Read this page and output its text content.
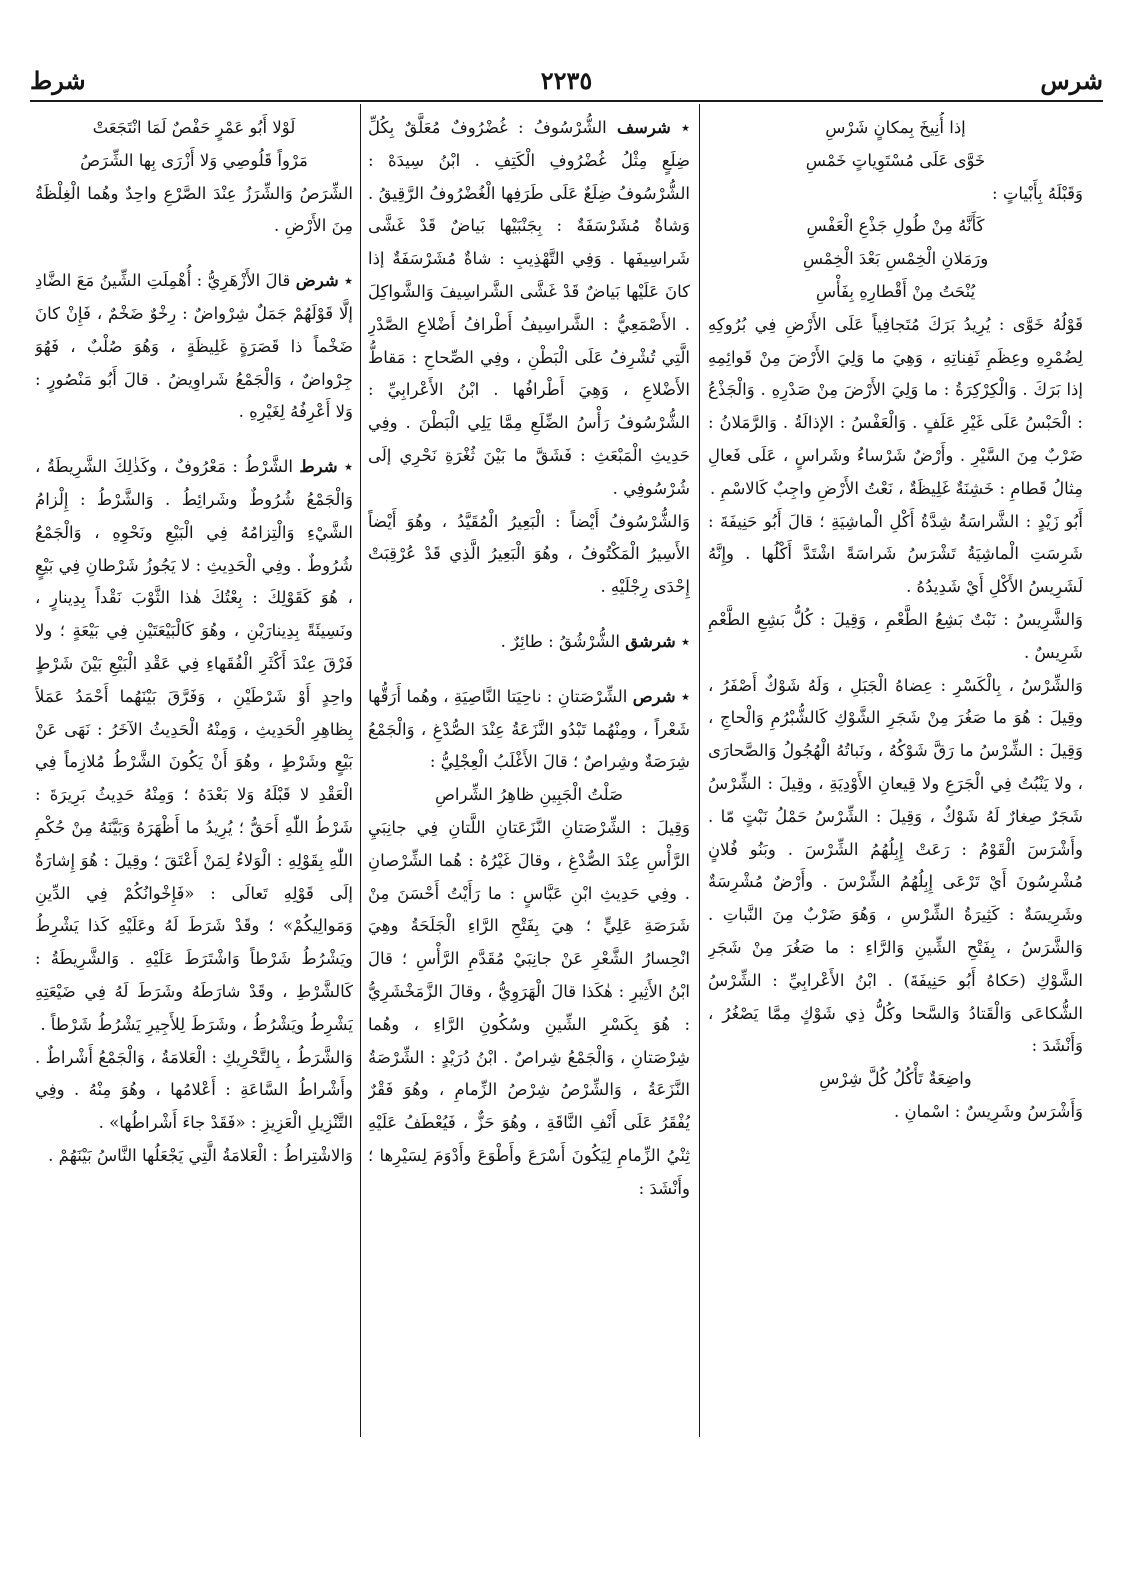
شرس
٢٢٣٥
شرط

إذا أُنِيخَ بِمكانٍ شَرْسِ

خَوَّى عَلَى مُسْتَوِياتٍ خَمْسِ

وَقَبْلَهُ بِأَبْياتٍ :

كَأَنَّهُ مِنْ طُولِ جَذْعِ الْعَفْسِ

ورَمَلانِ الْخِمْسِ بَعْدَ الْخِمْسِ

يُنْحَتُ مِنْ أَقْطارِهِ بِفَأْسِ

قَوْلُهُ خَوَّى : يُرِيدُ بَرَكَ مُتَجافِياً عَلَى الأَرْضِ فِي بُرُوكِهِ لِضُمْرِهِ وعِظَمِ ثَفِناتِهِ ، وَهِيَ ما وَلِيَ الأَرْضَ مِنْ قَوائِمِهِ إذا بَرَكَ . وَالْكِرْكِرَةُ : ما وَلِيَ الأَرْضَ مِنْ صَدْرِهِ . وَالْجَذْعُ : الْحَبْسُ عَلَى غَيْرِ عَلَفٍ . وَالْعَفْسُ : الإذالَةُ . وَالرَّمَلانُ : ضَرْبٌ مِنَ السَّيْرِ . وأَرْضٌ شَرْساءُ وشَراسٍ ، عَلَى فَعالِ مِثالُ قَطامِ : خَشِنَةٌ غَلِيظَةٌ ، نَعْتُ الأَرْضِ واجِبٌ كَالاسْمِ .

أَبُو زَيْدٍ : الشَّراسَةُ شِدَّةُ أَكْلِ الْماشِيَةِ ؛ قالَ أَبُو حَنِيفَةَ : شَرِسَتِ الْماشِيَةُ تَشْرَسُ شَراسَةً اشْتَدَّ أَكْلُها . وإِنَّهُ لَشَرِيسُ الأَكْلِ أَيْ شَدِيدُهُ .

وَالشَّرِيسُ : نَبْتٌ بَشِعُ الطَّعْمِ ، وَقِيلَ : كُلُّ بَشِعِ الطَّعْمِ شَرِيسٌ .

وَالشِّرْسُ ، بِالْكَسْرِ : عِضاهُ الْجَبَلِ ، وَلَهُ شَوْكٌ أَصْفَرُ ، وقِيلَ : هُوَ ما صَغُرَ مِنْ شَجَرِ الشَّوْكِ كَالشُّبْرُمِ وَالْحاجِ ، وَقِيلَ : الشِّرْسُ ما رَقَّ شَوْكُهُ ، ونَباتُهُ الْهُجُولُ وَالصَّحارَى ، ولا يَنْبُتُ فِي الْجَرَعِ ولا قِيعانِ الأَوْدِيَةِ ، وقِيلَ : الشِّرْسُ شَجَرٌ صِغارٌ لَهُ شَوْكٌ ، وَقِيلَ : الشِّرْسُ حَمْلُ نَبْتٍ مّا . وأَشْرَسَ الْقَوْمُ : رَعَتْ إِبِلُهُمُ الشِّرْسَ . وبَنُو فُلانٍ مُشْرِسُونَ أَيْ تَرْعَى إِبِلُهُمُ الشِّرْسَ . وأَرْضٌ مُشْرِسَةٌ وشَرِيسَةٌ : كَثِيرَةُ الشِّرْسِ ، وَهُوَ ضَرْبٌ مِنَ النَّباتِ . وَالشَّرَسُ ، بِفَتْحِ الشِّينِ وَالرَّاءِ : ما صَغُرَ مِنْ شَجَرِ الشَّوْكِ (حَكاهُ أَبُو حَنِيفَةَ) . ابْنُ الأَعْرابِيِّ : الشِّرْسُ الشُّكاعَى وَالْقَتادُ وَالسَّحا وكُلُّ ذِي شَوْكٍ مِمَّا يَصْغُرُ ، وَأَنْشَدَ :

واضِعَةٌ تَأْكُلُ كُلَّ شِرْسِ

وَأَشْرَسُ وشَرِيسٌ : اسْمانِ .

٭ شرسف الشُّرْسُوفُ : غُضْرُوفٌ مُعَلَّقٌ بِكُلِّ ضِلَعٍ مِثْلُ غُضْرُوفِ الْكَتِفِ . ابْنُ سِيدَهْ : الشُّرْسُوفُ ضِلَعٌ عَلَى طَرَفِها الْغُضْرُوفُ الرَّقِيقُ . وَشاةٌ مُشَرْسَفَةٌ : بِجَنْبَيْها بَياضٌ قَدْ غَشَّى شَراسِيفَها . وَفِي التَّهْذِيبِ : شاةٌ مُشَرْسَفَةٌ إذا كانَ عَلَيْها بَياضٌ قَدْ غَشَّى الشَّراسِيفَ وَالشَّواكِلَ . الأَصْمَعِيُّ : الشَّراسِيفُ أَطْرافُ أَضْلاعِ الصَّدْرِ الَّتِي تُشْرِفُ عَلَى الْبَطْنِ ، وفِي الصِّحاحِ : مَقاطُّ الأَضْلاعِ ، وَهِيَ أَطْرافُها . ابْنُ الأَعْرابِيِّ : الشُّرْسُوفُ رَأْسُ الضِّلَعِ مِمَّا يَلِي الْبَطْنَ . وفِي حَدِيثِ الْمَبْعَثِ : فَشَقَّ ما بَيْنَ ثُغْرَةِ نَحْرِي إلَى شُرْسُوفِي .

وَالشُّرْسُوفُ أَيْضاً : الْبَعِيرُ الْمُقَيَّدُ ، وهُوَ أَيْضاً الأَسِيرُ الْمَكْتُوفُ ، وهُوَ الْبَعِيرُ الَّذِي قَدْ عُرْقِبَتْ إِحْدَى رِجْلَيْهِ .

٭ شرشق الشُّرْشُقُ : طائِرٌ .

٭ شرص الشِّرْصَتانِ : ناحِيَتا النَّاصِيَةِ ، وهُما أَرَقُّها شَعْراً ، ومِنْهُما تَبْدُو النَّزَعَةُ عِنْدَ الصُّدْغِ ، وَالْجَمْعُ شِرَصَةٌ وشِراصٌ ؛ قالَ الأَغْلَبُ الْعِجْلِيُّ :

صَلْتُ الْجَبِينِ ظاهِرُ الشِّراصِ

وَقِيلَ : الشِّرْصَتانِ النَّزَعَتانِ اللَّتانِ فِي جانِبَيِ الرَّأْسِ عِنْدَ الصُّدْغِ ، وقالَ غَيْرُهُ : هُما الشِّرْصانِ . وفِي حَدِيثِ ابْنِ عَبَّاسٍ : ما رَأَيْتُ أَحْسَنَ مِنْ شَرَصَةِ عَلِيٍّ ؛ هِيَ بِفَتْحِ الرَّاءِ الْجَلَحَةُ وهِيَ انْحِسارُ الشَّعْرِ عَنْ جانِبَيْ مُقَدَّمِ الرَّأْسِ ؛ قالَ ابْنُ الأَثِيرِ : هٰكَذا قالَ الْهَرَوِيُّ ، وقالَ الزَّمَخْشَرِيُّ : هُوَ بِكَسْرِ الشِّينِ وسُكُونِ الرَّاءِ ، وهُما شِرْصَتانِ ، وَالْجَمْعُ شِراصٌ . ابْنُ دُرَيْدٍ : الشِّرْصَةُ النَّزَعَةُ ، وَالشِّرْصُ شِرْصُ الزِّمامِ ، وهُوَ فَقْرٌ يُفْقَرُ عَلَى أَنْفِ النَّاقَةِ ، وهُوَ حَزٌّ ، فَيُعْطَفُ عَلَيْهِ ثِنْيُ الزِّمامِ لِيَكُونَ أَسْرَعَ وأَطْوَعَ وأَدْوَمَ لِسَيْرِها ؛ وأَنْشَدَ :

لَوْلا أَبُو عَمْرٍ حَفْصٌ لَمَا انْتَجَعَتْ

مَرْواً قَلُوصِي وَلا أَزْرَى بِها الشِّرَصُ

الشِّرَصُ وَالشِّرَزُ عِنْدَ الصَّرْعِ واحِدٌ وهُما الْغِلْظَةُ مِنَ الأَرْضِ .

٭ شرض قالَ الأَزْهَرِيُّ : أُهْمِلَتِ الشِّينُ مَعَ الضَّادِ إلَّا قَوْلَهُمْ جَمَلٌ شِرْواضٌ : رِخْوٌ ضَخْمٌ ، فَإِنْ كانَ ضَخْماً ذا قَصَرَةٍ غَلِيظَةٍ ، وَهُوَ صُلْبٌ ، فَهُوَ جِرْواضٌ ، وَالْجَمْعُ شَراوِيضُ . قالَ أَبُو مَنْصُورٍ : وَلا أَعْرِفُهُ لِغَيْرِهِ .

٭ شرط الشَّرْطُ : مَعْرُوفٌ ، وكَذٰلِكَ الشَّرِيطَةُ ، وَالْجَمْعُ شُرُوطٌ وشَرائِطُ . وَالشَّرْطُ : إِلْزامُ الشَّيْءِ وَالْتِزامُهُ فِي الْبَيْعِ ونَحْوِهِ ، وَالْجَمْعُ شُرُوطٌ . وفِي الْحَدِيثِ : لا يَجُوزُ شَرْطانِ فِي بَيْعٍ ، هُوَ كَقَوْلِكَ : بِعْتُكَ هٰذا الثَّوْبَ نَقْداً بِدِينارٍ ، ونَسِيئَةً بِدِينارَيْنِ ، وهُوَ كَالْبَيْعَتَيْنِ فِي بَيْعَةٍ ؛ ولا فَرْقَ عِنْدَ أَكْثَرِ الْفُقَهاءِ فِي عَقْدِ الْبَيْعِ بَيْنَ شَرْطٍ واحِدٍ أَوْ شَرْطَيْنِ ، وَفَرَّقَ بَيْنَهُما أَحْمَدُ عَمَلاً بِظاهِرِ الْحَدِيثِ ، وَمِنْهُ الْحَدِيثُ الآخَرُ : نَهَى عَنْ بَيْعٍ وشَرْطٍ ، وهُوَ أَنْ يَكُونَ الشَّرْطُ مُلازِماً فِي الْعَقْدِ لا قَبْلَهُ وَلا بَعْدَهُ ؛ وَمِنْهُ حَدِيثُ بَرِيرَةَ : شَرْطُ اللّٰهِ أَحَقُّ ؛ يُرِيدُ ما أَظْهَرَهُ وَبَيَّنَهُ مِنْ حُكْمِ اللّٰهِ بِقَوْلِهِ : الْوَلاءُ لِمَنْ أَعْتَقَ ؛ وقِيلَ : هُوَ إِشارَةٌ إلَى قَوْلِهِ تَعالَى : «فَإِخْوانُكُمْ فِي الدِّينِ وَمَوالِيكُمْ» ؛ وقَدْ شَرَطَ لَهُ وعَلَيْهِ كَذا يَشْرِطُ ويَشْرُطُ شَرْطاً وَاشْتَرَطَ عَلَيْهِ . وَالشَّرِيطَةُ : كَالشَّرْطِ ، وقَدْ شارَطَهُ وشَرَطَ لَهُ فِي ضَيْعَتِهِ يَشْرِطُ ويَشْرُطُ ، وشَرَطَ لِلأَجِيرِ يَشْرُطُ شَرْطاً .

وَالشَّرَطُ ، بِالتَّحْرِيكِ : الْعَلامَةُ ، وَالْجَمْعُ أَشْراطٌ . وأَشْراطُ السَّاعَةِ : أَعْلامُها ، وهُوَ مِنْهُ . وفِي التَّنْزِيلِ الْعَزِيزِ : «فَقَدْ جاءَ أَشْراطُها» .

وَالاشْتِراطُ : الْعَلامَةُ الَّتِي يَجْعَلُها النَّاسُ بَيْنَهُمْ .
